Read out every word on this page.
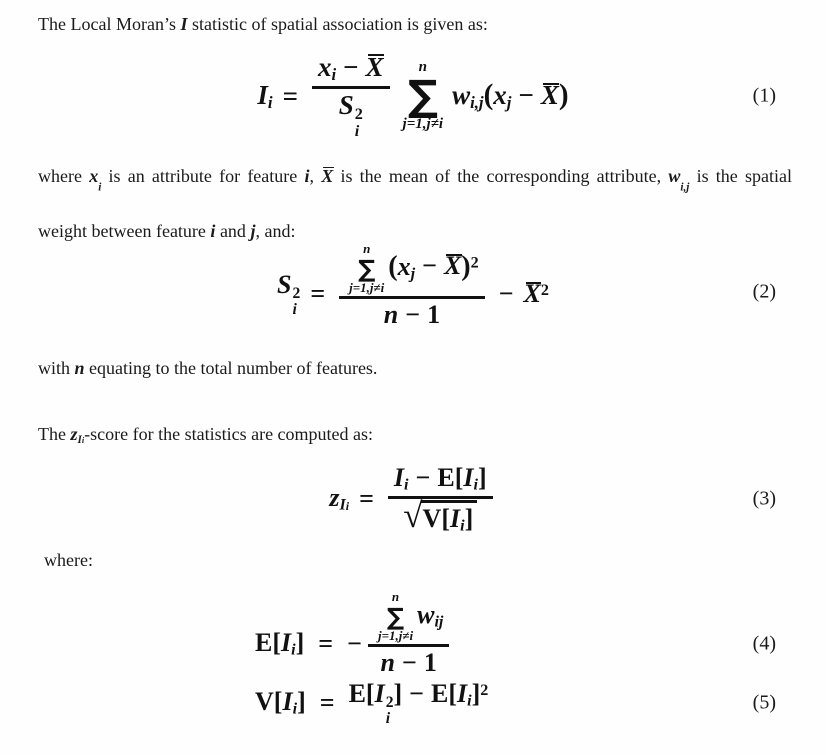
The Local Moran’s I statistic of spatial association is given as:

Ii = xi − X
S 2
i n
∑
j=1,j≠i
wi,j(xj − X)	(1)

where $x_i$ is an attribute for feature i, X is the mean of the corresponding attribute, $w_{i,j}$ is the spatial weight between feature i and j, and:

S 2
i
= n
∑
j=1,j≠i
(xj − X)$^2$
$n - 1 - X^2$	(2)

with n equating to the total number of features.

The zIi-score for the statistics are computed as:

zIi = $\frac{Ii - E[Ii]}{√ V[Ii]}$	(3)

where:

E[Ii] = − n
∑
j=1,j≠i
wij
n − 1	(4)
V[Ii] = E[I 2
i
] − $E[Ii]^2$
(5)
